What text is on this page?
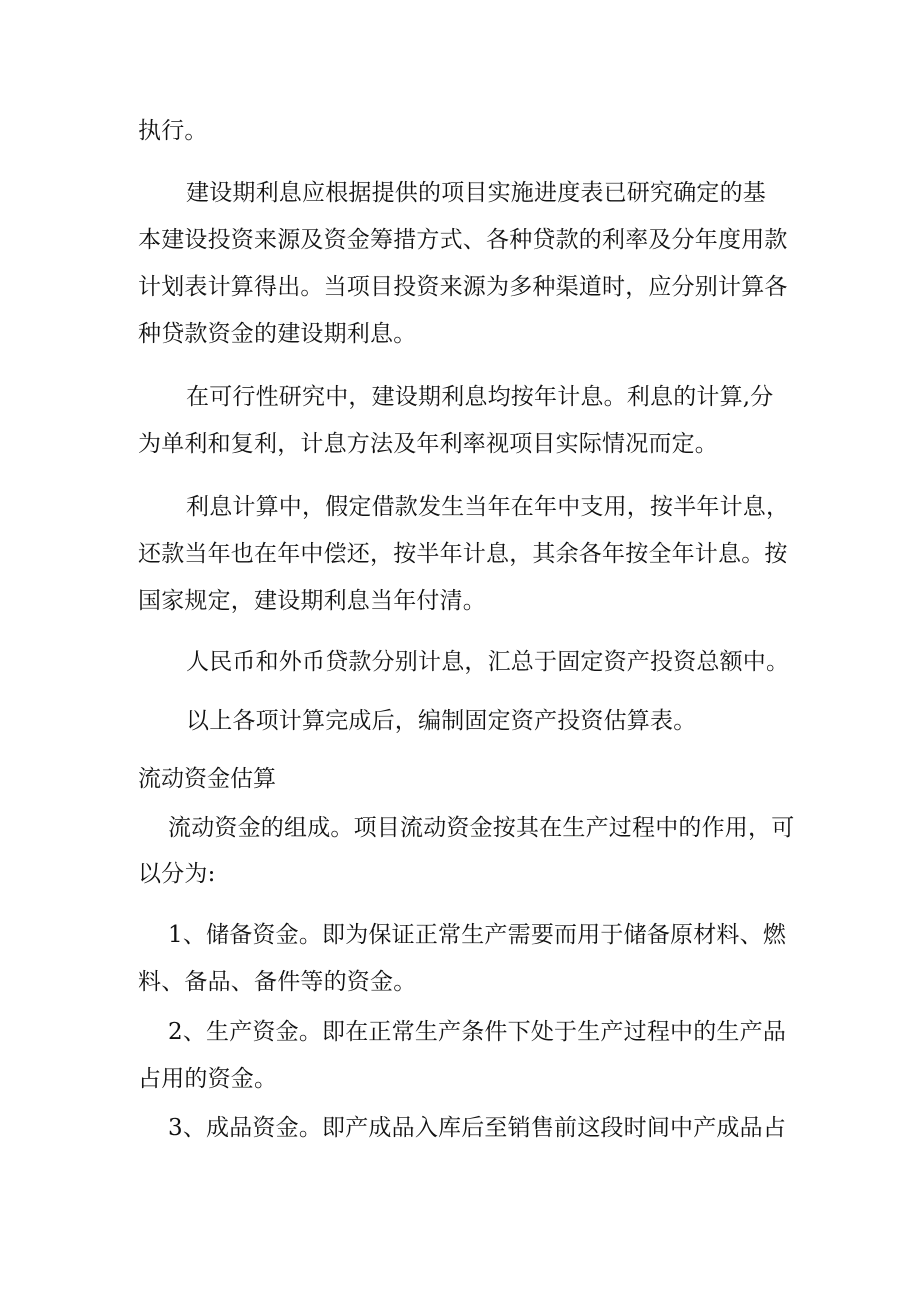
执行。
建设期利息应根据提供的项目实施进度表已研究确定的基
本建设投资来源及资金筹措方式、各种贷款的利率及分年度用款
计划表计算得出。当项目投资来源为多种渠道时，应分别计算各
种贷款资金的建设期利息。
在可行性研究中，建设期利息均按年计息。利息的计算,分
为单利和复利，计息方法及年利率视项目实际情况而定。
利息计算中，假定借款发生当年在年中支用，按半年计息，
还款当年也在年中偿还，按半年计息，其余各年按全年计息。按
国家规定，建设期利息当年付清。
人民币和外币贷款分别计息，汇总于固定资产投资总额中。
以上各项计算完成后，编制固定资产投资估算表。
流动资金估算
流动资金的组成。项目流动资金按其在生产过程中的作用，可
以分为:
1、储备资金。即为保证正常生产需要而用于储备原材料、燃
料、备品、备件等的资金。
2、生产资金。即在正常生产条件下处于生产过程中的生产品
占用的资金。
3、成品资金。即产成品入库后至销售前这段时间中产成品占
